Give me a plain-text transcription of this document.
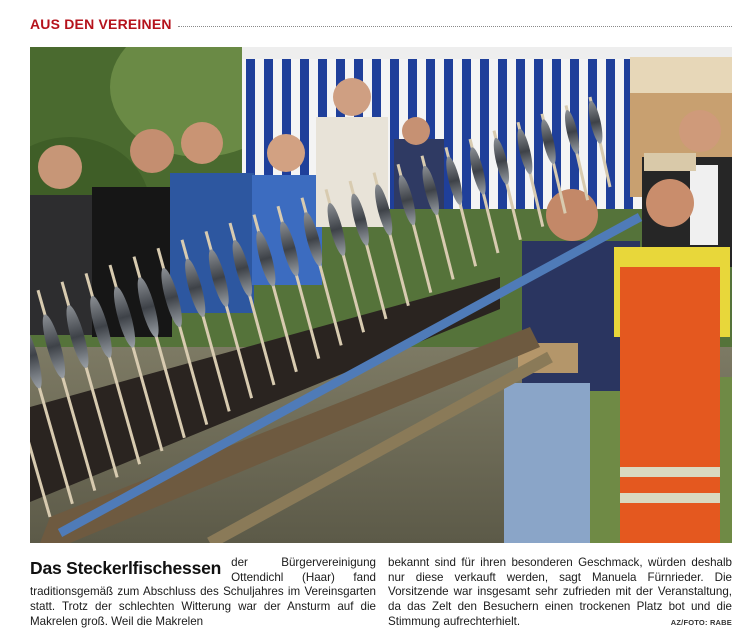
AUS DEN VEREINEN
Das Steckerlfischessen der Bürgervereinigung Ottendichl (Haar) fand traditionsgemäß zum Abschluss des Schuljahres im Vereinsgarten statt. Trotz der schlechten Witterung war der Ansturm auf die Makrelen groß. Weil die Makrelen
bekannt sind für ihren besonderen Geschmack, würden deshalb nur diese verkauft werden, sagt Manuela Fürnrieder. Die Vorsitzende war insgesamt sehr zufrieden mit der Veranstaltung, da das Zelt den Besuchern einen trockenen Platz bot und die Stimmung aufrechterhielt.	AZ/FOTO: RABE
